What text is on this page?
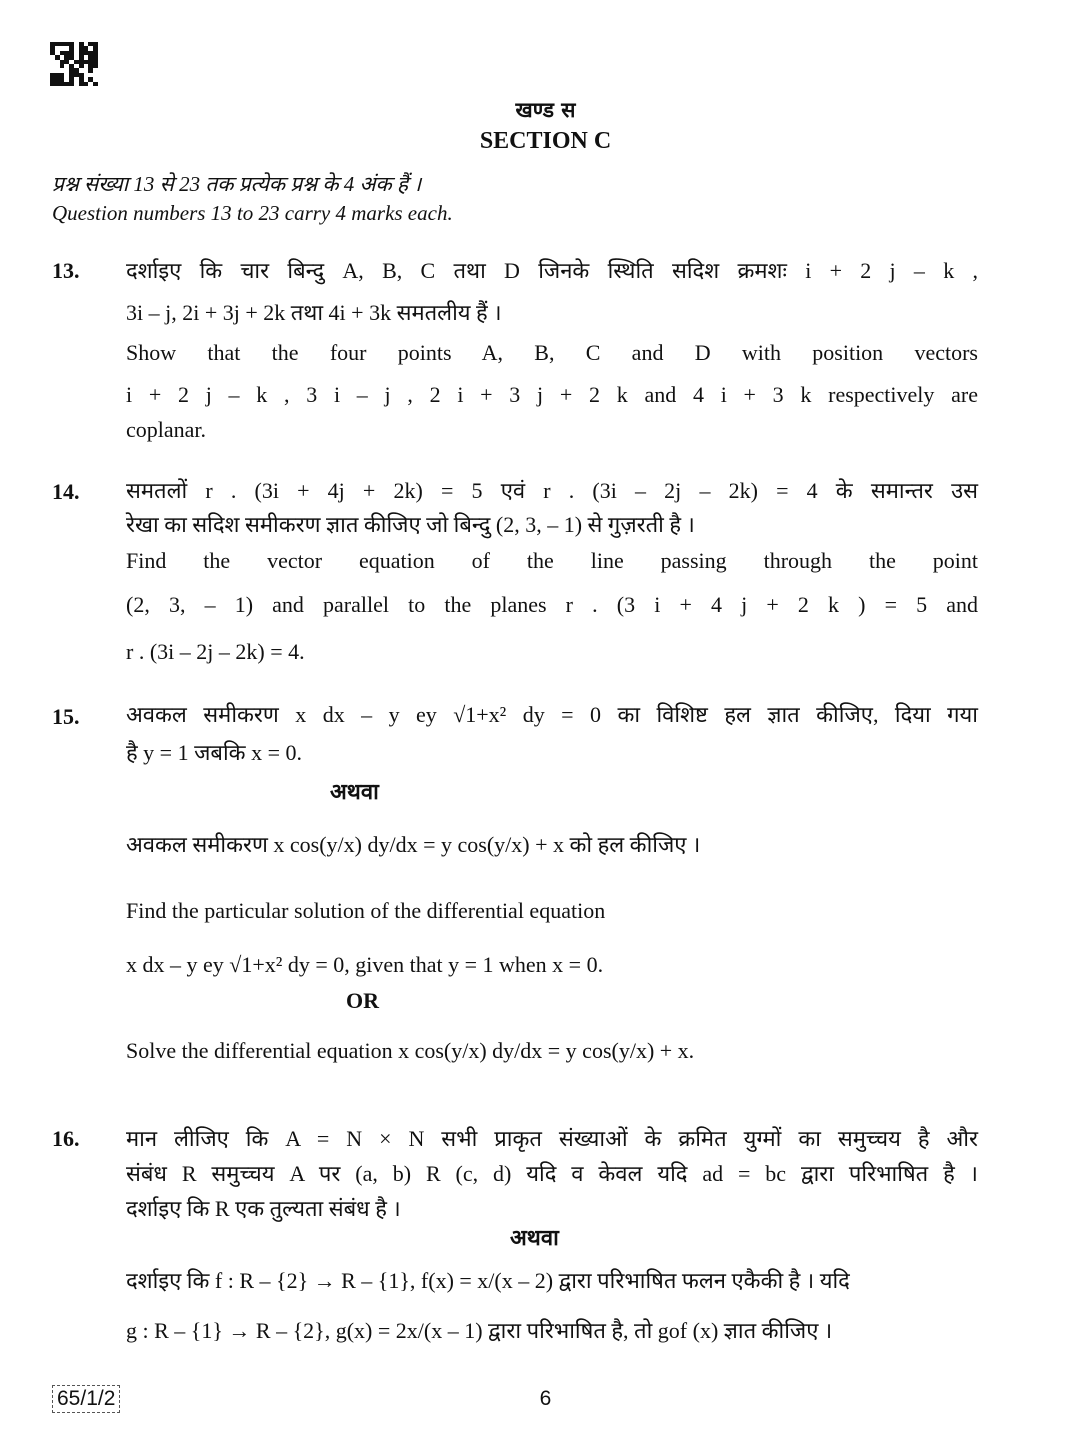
खण्ड स
SECTION C
प्रश्न संख्या 13 से 23 तक प्रत्येक प्रश्न के 4 अंक हैं ।
Question numbers 13 to 23 carry 4 marks each.
13. दर्शाइए कि चार बिन्दु A, B, C तथा D जिनके स्थिति सदिश क्रमशः i + 2 j – k ,
3i – j, 2i + 3j + 2k तथा 4i + 3k समतलीय हैं ।
Show that the four points A, B, C and D with position vectors
i + 2 j – k , 3 i – j , 2 i + 3 j + 2 k and 4 i + 3 k respectively are
coplanar.
14. समतलों r . (3i + 4j + 2k) = 5 एवं r . (3i – 2j – 2k) = 4 के समान्तर उस
रेखा का सदिश समीकरण ज्ञात कीजिए जो बिन्दु (2, 3, – 1) से गुज़रती है ।
Find the vector equation of the line passing through the point
(2, 3, – 1) and parallel to the planes r . (3 i + 4 j + 2 k ) = 5 and
r . (3i – 2j – 2k) = 4.
15. अवकल समीकरण x dx – y ey √1+x² dy = 0 का विशिष्ट हल ज्ञात कीजिए, दिया गया
है y = 1 जबकि x = 0.
अथवा
अवकल समीकरण x cos(y/x) dy/dx = y cos(y/x) + x को हल कीजिए ।
Find the particular solution of the differential equation
x dx – y ey √1+x² dy = 0, given that y = 1 when x = 0.
OR
Solve the differential equation x cos(y/x) dy/dx = y cos(y/x) + x.
16. मान लीजिए कि A = N × N सभी प्राकृत संख्याओं के क्रमित युग्मों का समुच्चय है और
संबंध R समुच्चय A पर (a, b) R (c, d) यदि व केवल यदि ad = bc द्वारा परिभाषित है ।
दर्शाइए कि R एक तुल्यता संबंध है ।
अथवा
दर्शाइए कि f : R – {2} → R – {1}, f(x) = x/(x – 2) द्वारा परिभाषित फलन एकैकी है । यदि
g : R – {1} → R – {2}, g(x) = 2x/(x – 1) द्वारा परिभाषित है, तो gof (x) ज्ञात कीजिए ।
65/1/2	6
